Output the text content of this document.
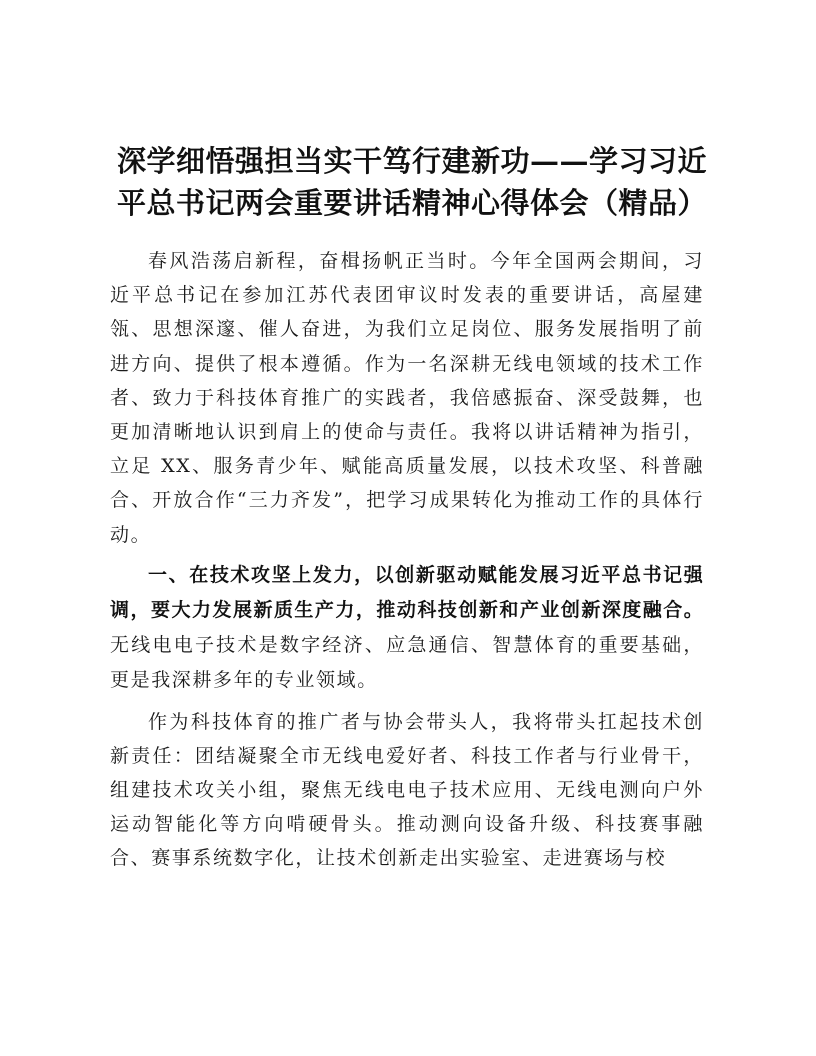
深学细悟强担当实干笃行建新功——学习习近平总书记两会重要讲话精神心得体会（精品）

春风浩荡启新程，奋楫扬帆正当时。今年全国两会期间，习近平总书记在参加江苏代表团审议时发表的重要讲话，高屋建瓴、思想深邃、催人奋进，为我们立足岗位、服务发展指明了前进方向、提供了根本遵循。作为一名深耕无线电领域的技术工作者、致力于科技体育推广的实践者，我倍感振奋、深受鼓舞，也更加清晰地认识到肩上的使命与责任。我将以讲话精神为指引，立足 XX、服务青少年、赋能高质量发展，以技术攻坚、科普融合、开放合作“三力齐发”，把学习成果转化为推动工作的具体行动。

一、在技术攻坚上发力，以创新驱动赋能发展习近平总书记强调，要大力发展新质生产力，推动科技创新和产业创新深度融合。无线电电子技术是数字经济、应急通信、智慧体育的重要基础，更是我深耕多年的专业领域。

作为科技体育的推广者与协会带头人，我将带头扛起技术创新责任：团结凝聚全市无线电爱好者、科技工作者与行业骨干，组建技术攻关小组，聚焦无线电电子技术应用、无线电测向户外运动智能化等方向啃硬骨头。推动测向设备升级、科技赛事融合、赛事系统数字化，让技术创新走出实验室、走进赛场与校
